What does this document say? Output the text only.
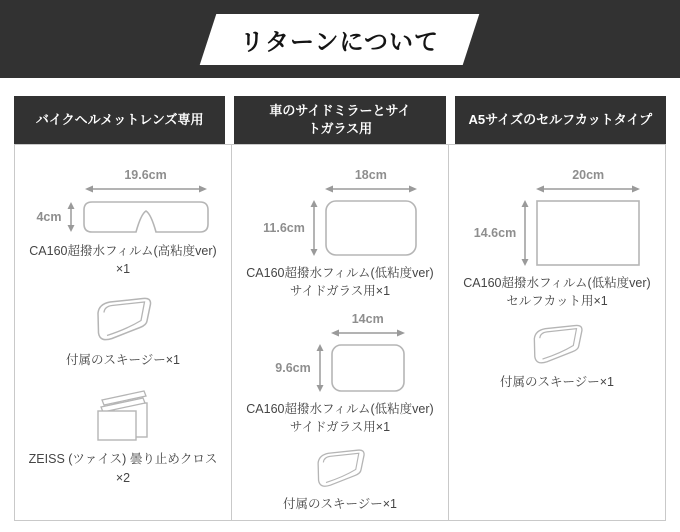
リターンについて
バイクヘルメットレンズ専用
車のサイドミラーとサイ
トガラス用
A5サイズのセルフカットタイプ
4cm
19.6cm
CA160超撥水フィルム(高粘度ver)
×1
付属のスキージー×1
ZEISS (ツァイス) 曇り止めクロス
×2
11.6cm
18cm
CA160超撥水フィルム(低粘度ver)
サイドガラス用×1
9.6cm
14cm
CA160超撥水フィルム(低粘度ver)
サイドガラス用×1
付属のスキージー×1
14.6cm
20cm
CA160超撥水フィルム(低粘度ver)
セルフカット用×1
付属のスキージー×1
